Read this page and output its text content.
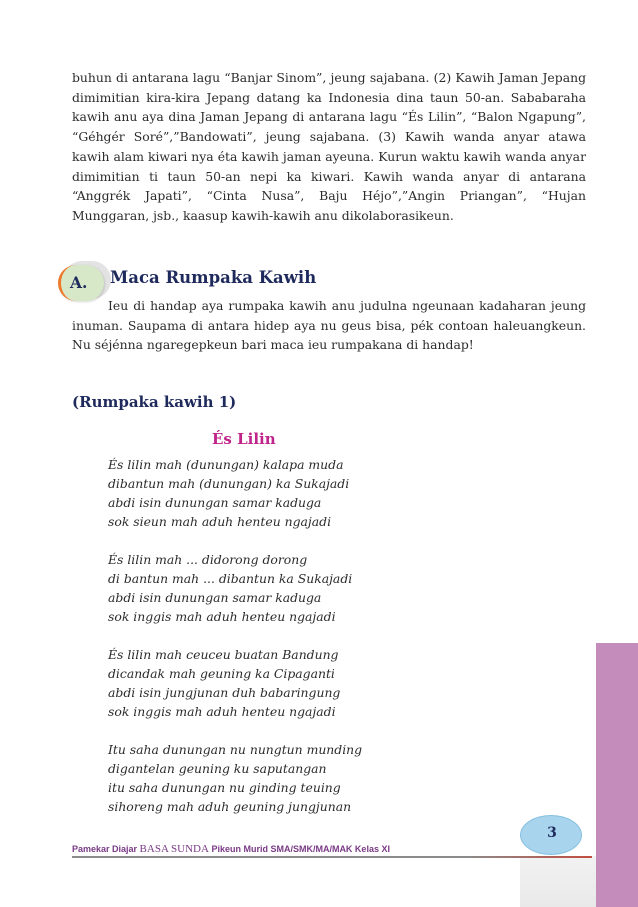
buhun di antarana lagu “Banjar Sinom”, jeung sajabana. (2) Kawih Jaman Jepang dimimitian kira-kira Jepang datang ka Indonesia dina taun 50-an. Sababaraha kawih anu aya dina Jaman Jepang di antarana lagu “És Lilin”, “Balon Ngapung”, “Géhgér Soré”,”Bandowati”, jeung sajabana. (3) Kawih wanda anyar atawa kawih alam kiwari nya éta kawih jaman ayeuna. Kurun waktu kawih wanda anyar dimimitian ti taun 50-an nepi ka kiwari. Kawih wanda anyar di antarana “Anggrék Japati”, “Cinta Nusa”, Baju Héjo”,”Angin Priangan”, “Hujan Munggaran, jsb., kaasup kawih-kawih anu dikolaborasikeun.

A. Maca Rumpaka Kawih

Ieu di handap aya rumpaka kawih anu judulna ngeunaan kadaharan jeung inuman. Saupama di antara hidep aya nu geus bisa, pék contoan haleuangkeun. Nu séjénna ngaregepkeun bari maca ieu rumpakana di handap!

(Rumpaka kawih 1)
És Lilin
És lilin mah (dunungan) kalapa muda
dibantun mah (dunungan) ka Sukajadi
abdi isin dunungan samar kaduga
sok sieun mah aduh henteu ngajadi
És lilin mah ... didorong dorong
di bantun mah ... dibantun ka Sukajadi
abdi isin dunungan samar kaduga
sok inggis mah aduh henteu ngajadi
És lilin mah ceuceu buatan Bandung
dicandak mah geuning ka Cipaganti
abdi isin jungjunan duh babaringung
sok inggis mah aduh henteu ngajadi
Itu saha dunungan nu nungtun munding
digantelan geuning ku saputangan
itu saha dunungan nu ginding teuing
sihoreng mah aduh geuning jungjunan
3
Pamekar Diajar BASA SUNDA Pikeun Murid SMA/SMK/MA/MAK Kelas XI
